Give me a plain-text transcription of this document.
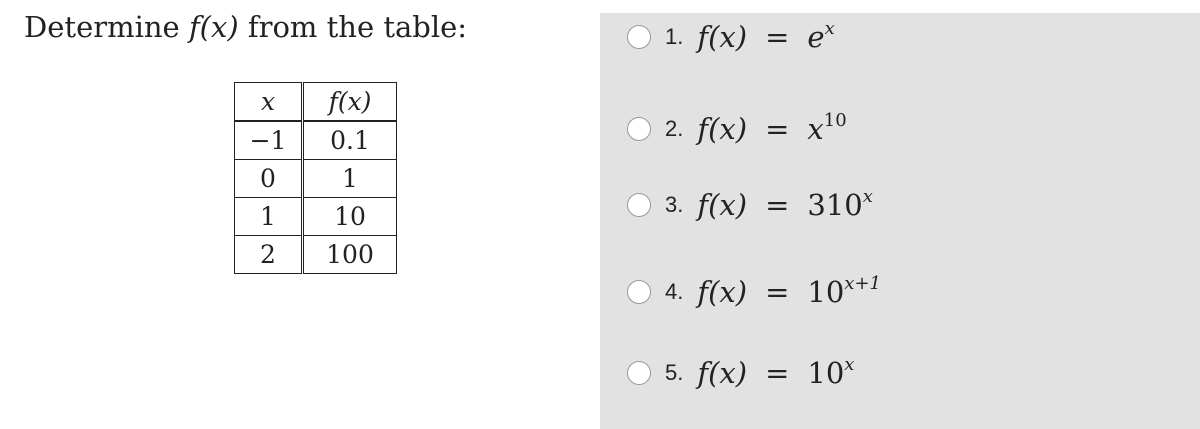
Determine f(x) from the table:
x	f(x)
−1	0.1
0	1
1	10
2	100
1. $f(x) = e^x$
2. $f(x) = x^{10}$
3. $f(x) = 310^x$
4. $f(x) = 10^{x+1}$
5. $f(x) = 10^x$
